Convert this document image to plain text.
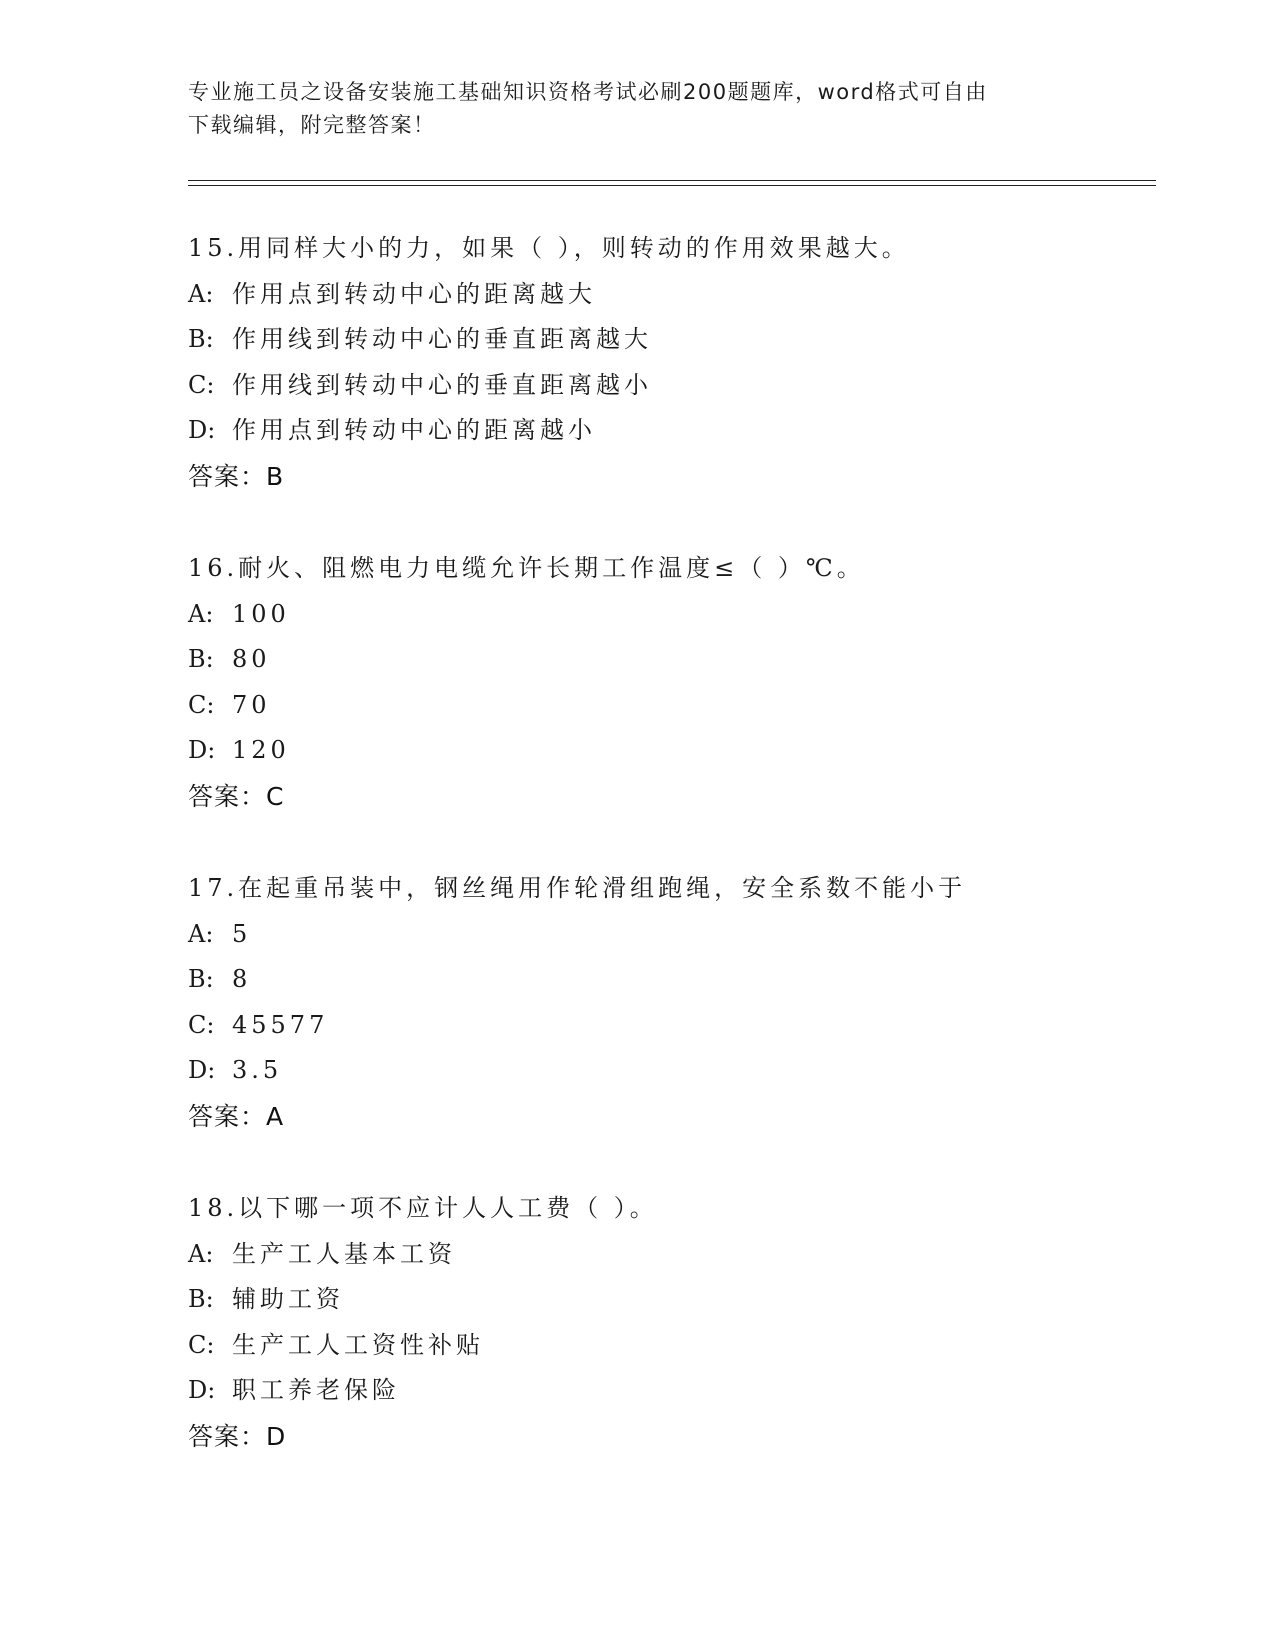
专业施工员之设备安装施工基础知识资格考试必刷200题题库，word格式可自由
下载编辑，附完整答案！
15.用同样大小的力，如果（ ），则转动的作用效果越大。
A: 作用点到转动中心的距离越大
B: 作用线到转动中心的垂直距离越大
C: 作用线到转动中心的垂直距离越小
D: 作用点到转动中心的距离越小
答案：B
16.耐火、阻燃电力电缆允许长期工作温度≤（ ）℃。
A: 100
B: 80
C: 70
D: 120
答案：C
17.在起重吊装中，钢丝绳用作轮滑组跑绳，安全系数不能小于
A: 5
B: 8
C: 45577
D: 3.5
答案：A
18.以下哪一项不应计人人工费（ ）。
A: 生产工人基本工资
B: 辅助工资
C: 生产工人工资性补贴
D: 职工养老保险
答案：D
